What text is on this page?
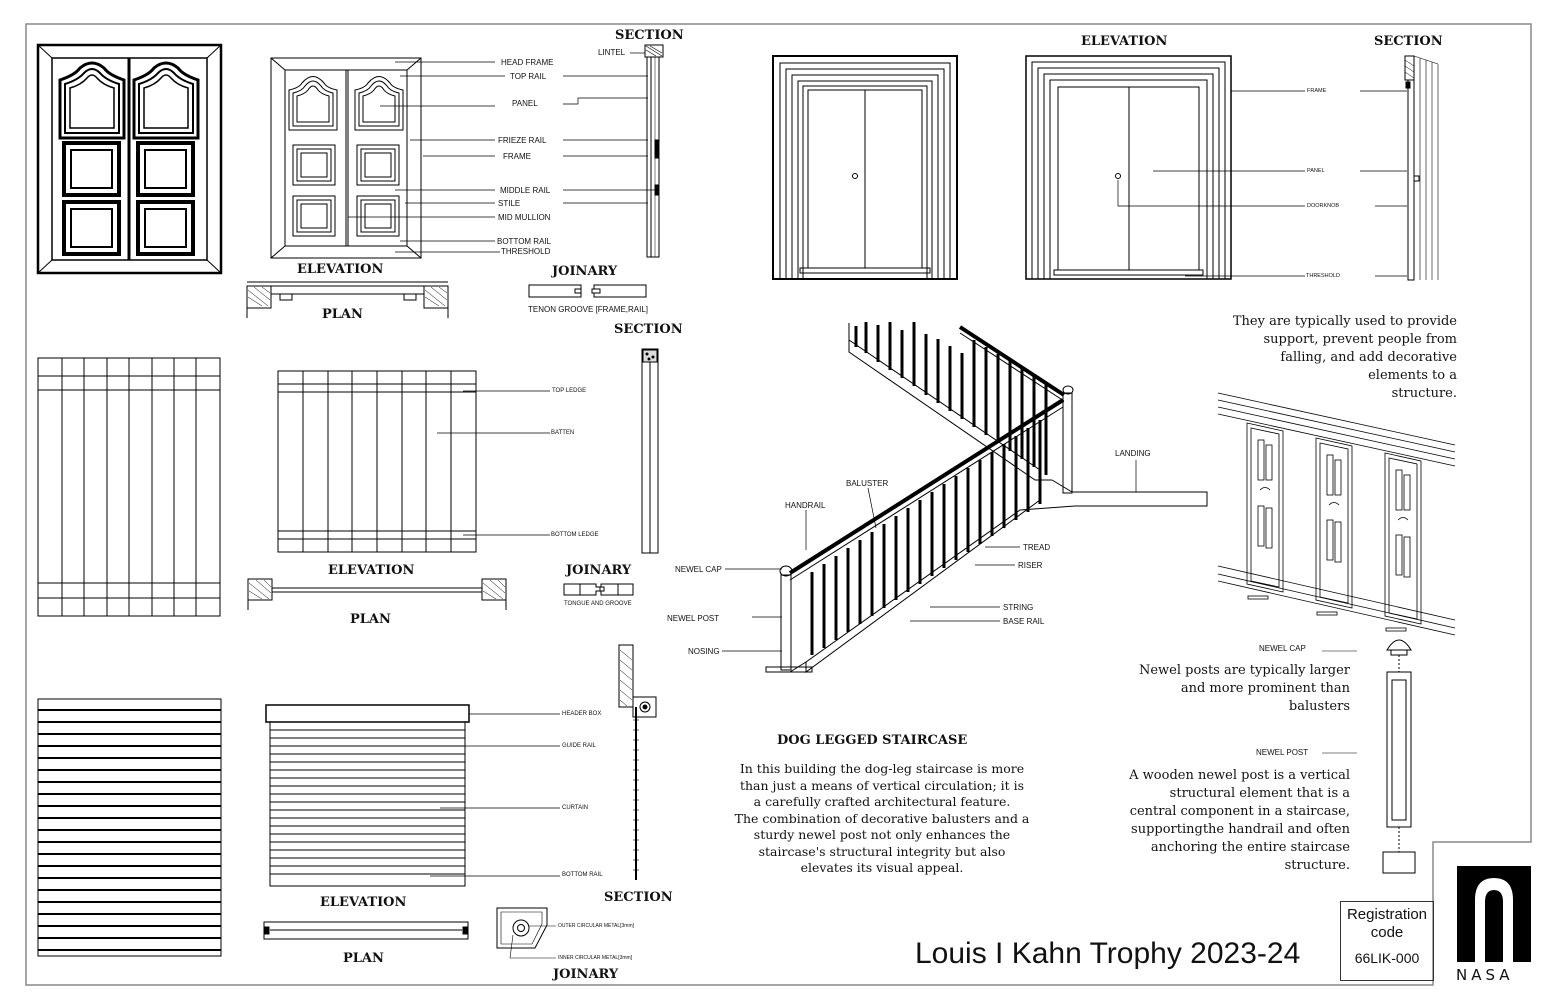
SECTION
LINTEL
HEAD FRAME
TOP RAIL
PANEL
FRIEZE RAIL
FRAME
MIDDLE RAIL
STILE
MID MULLION
BOTTOM RAIL
THRESHOLD
ELEVATION
PLAN
JOINARY
TENON GROOVE [FRAME,RAIL]
SECTION
TOP LEDGE
BATTEN
BOTTOM LEDGE
ELEVATION
PLAN
JOINARY
TONGUE AND GROOVE
HEADER BOX
GUIDE RAIL
CURTAIN
BOTTOM RAIL
ELEVATION
PLAN
SECTION
JOINARY
OUTER CIRCULAR METAL[3mm]
INNER CIRCULAR METAL[3mm]
ELEVATION	SECTION
FRAME
PANEL
DOORKNOB
THRESHOLD
LANDING
BALUSTER
HANDRAIL
TREAD
RISER
NEWEL CAP
NEWEL POST
STRING
BASE RAIL
NOSING
DOG LEGGED STAIRCASE
In this building the dog-leg staircase is more
than just a means of vertical circulation; it is
a carefully crafted architectural feature.
The combination of decorative balusters and a
sturdy newel post not only enhances the
staircase's structural integrity but also
elevates its visual appeal.
They are typically used to provide
support, prevent people from
falling, and add decorative
elements to a
structure.
NEWEL CAP
NEWEL POST
Newel posts are typically larger
and more prominent than
balusters
A wooden newel post is a vertical
structural element that is a
central component in a staircase,
supportingthe handrail and often
anchoring the entire staircase
structure.
Louis I Kahn Trophy 2023-24
Registration code
66LIK-000
NASA
